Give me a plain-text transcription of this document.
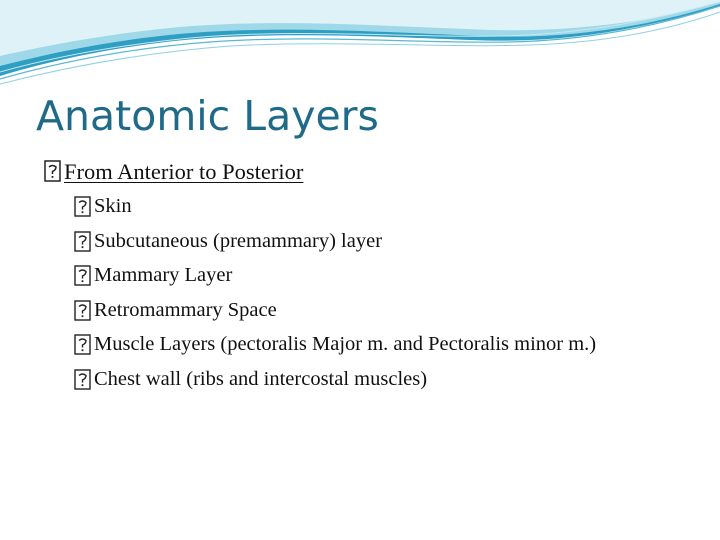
Anatomic Layers
From Anterior to Posterior
Skin
Subcutaneous (premammary) layer
Mammary Layer
Retromammary Space
Muscle Layers (pectoralis Major m. and Pectoralis minor m.)
Chest wall (ribs and intercostal muscles)
